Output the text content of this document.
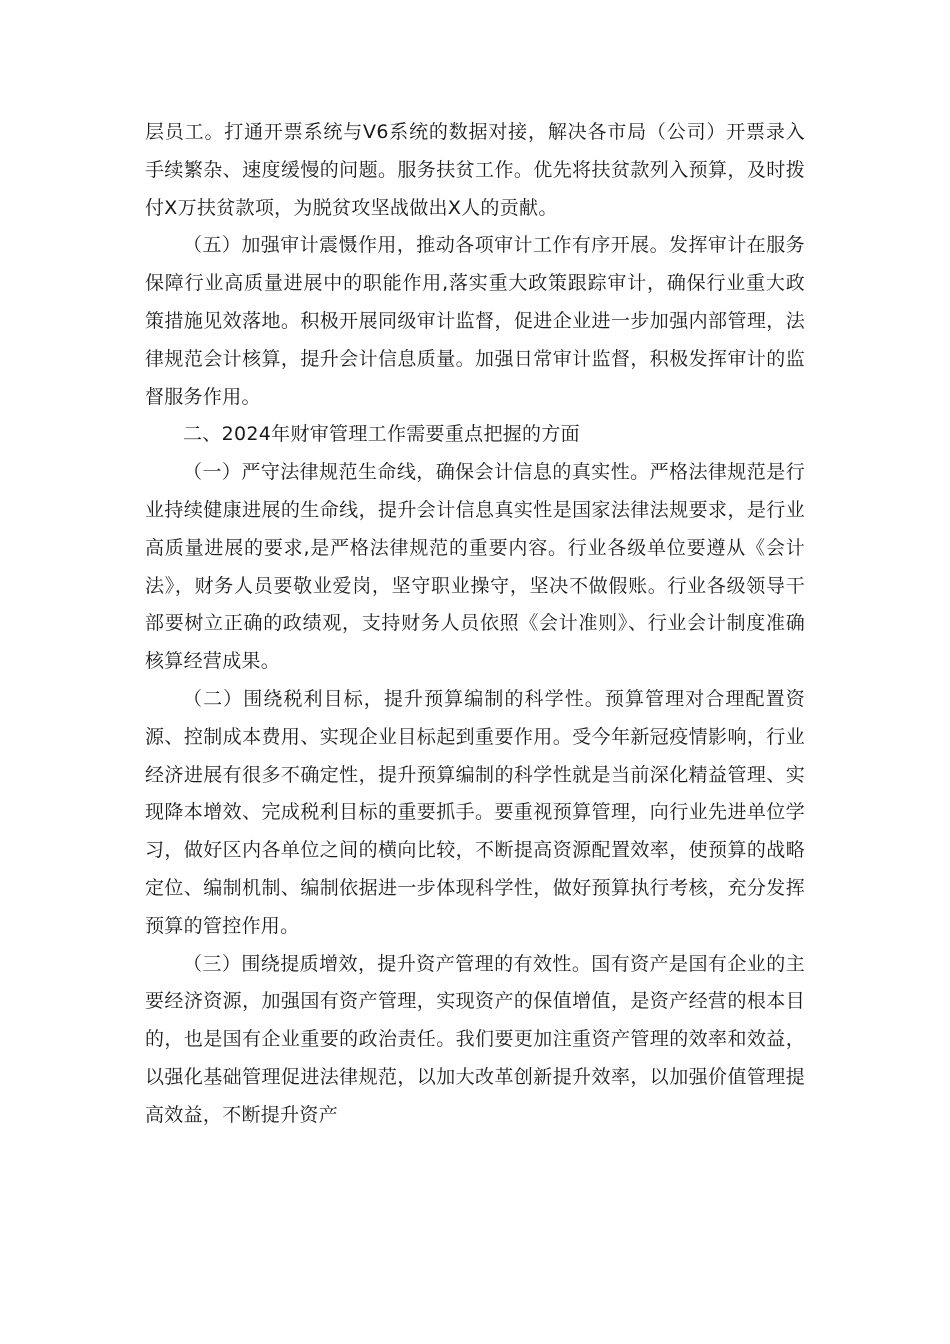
层员工。打通开票系统与V6系统的数据对接，解决各市局（公司）开票录入手续繁杂、速度缓慢的问题。服务扶贫工作。优先将扶贫款列入预算，及时拨付X万扶贫款项，为脱贫攻坚战做出X人的贡献。

（五）加强审计震慑作用，推动各项审计工作有序开展。发挥审计在服务保障行业高质量进展中的职能作用,落实重大政策跟踪审计，确保行业重大政策措施见效落地。积极开展同级审计监督，促进企业进一步加强内部管理，法律规范会计核算，提升会计信息质量。加强日常审计监督，积极发挥审计的监督服务作用。

二、2024年财审管理工作需要重点把握的方面

（一）严守法律规范生命线，确保会计信息的真实性。严格法律规范是行业持续健康进展的生命线，提升会计信息真实性是国家法律法规要求，是行业高质量进展的要求,是严格法律规范的重要内容。行业各级单位要遵从《会计法》，财务人员要敬业爱岗，坚守职业操守，坚决不做假账。行业各级领导干部要树立正确的政绩观，支持财务人员依照《会计准则》、行业会计制度准确核算经营成果。

（二）围绕税利目标，提升预算编制的科学性。预算管理对合理配置资源、控制成本费用、实现企业目标起到重要作用。受今年新冠疫情影响，行业经济进展有很多不确定性，提升预算编制的科学性就是当前深化精益管理、实现降本增效、完成税利目标的重要抓手。要重视预算管理，向行业先进单位学习，做好区内各单位之间的横向比较，不断提高资源配置效率，使预算的战略定位、编制机制、编制依据进一步体现科学性，做好预算执行考核，充分发挥预算的管控作用。

（三）围绕提质增效，提升资产管理的有效性。国有资产是国有企业的主要经济资源，加强国有资产管理，实现资产的保值增值，是资产经营的根本目的，也是国有企业重要的政治责任。我们要更加注重资产管理的效率和效益，以强化基础管理促进法律规范，以加大改革创新提升效率，以加强价值管理提高效益，不断提升资产
